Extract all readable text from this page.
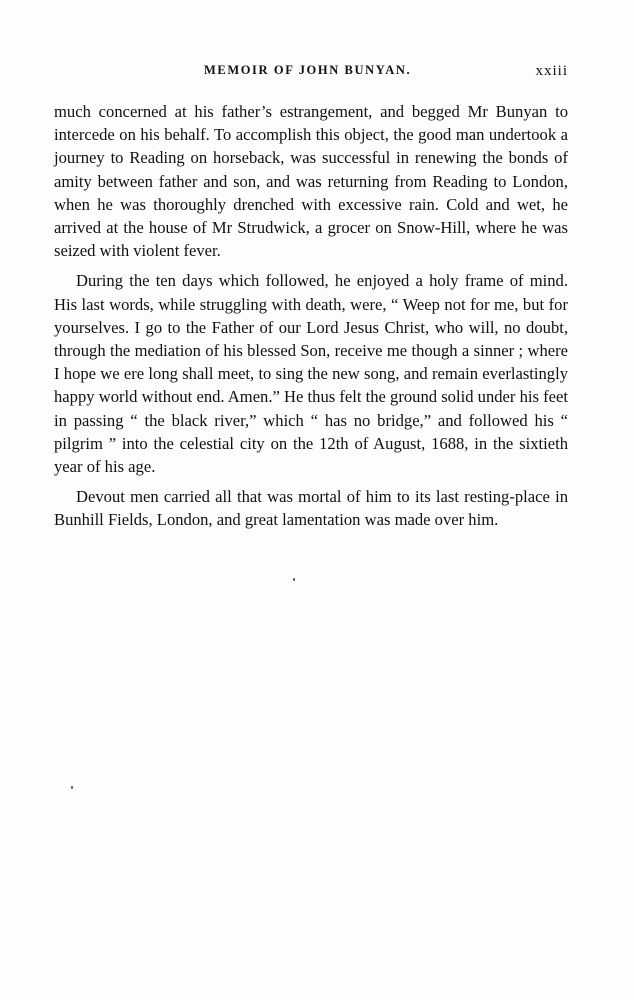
MEMOIR OF JOHN BUNYAN.	xxiii

much concerned at his father’s estrangement, and begged Mr Bunyan to intercede on his behalf. To accomplish this object, the good man undertook a journey to Reading on horseback, was successful in renewing the bonds of amity between father and son, and was returning from Reading to London, when he was thoroughly drenched with excessive rain. Cold and wet, he arrived at the house of Mr Strudwick, a grocer on Snow-Hill, where he was seized with violent fever.

During the ten days which followed, he enjoyed a holy frame of mind. His last words, while struggling with death, were, “ Weep not for me, but for yourselves. I go to the Father of our Lord Jesus Christ, who will, no doubt, through the mediation of his blessed Son, receive me though a sinner ; where I hope we ere long shall meet, to sing the new song, and remain everlastingly happy world without end. Amen.” He thus felt the ground solid under his feet in passing “ the black river,” which “ has no bridge,” and followed his “ pilgrim ” into the celestial city on the 12th of August, 1688, in the sixtieth year of his age.

Devout men carried all that was mortal of him to its last resting-place in Bunhill Fields, London, and great lamentation was made over him.
